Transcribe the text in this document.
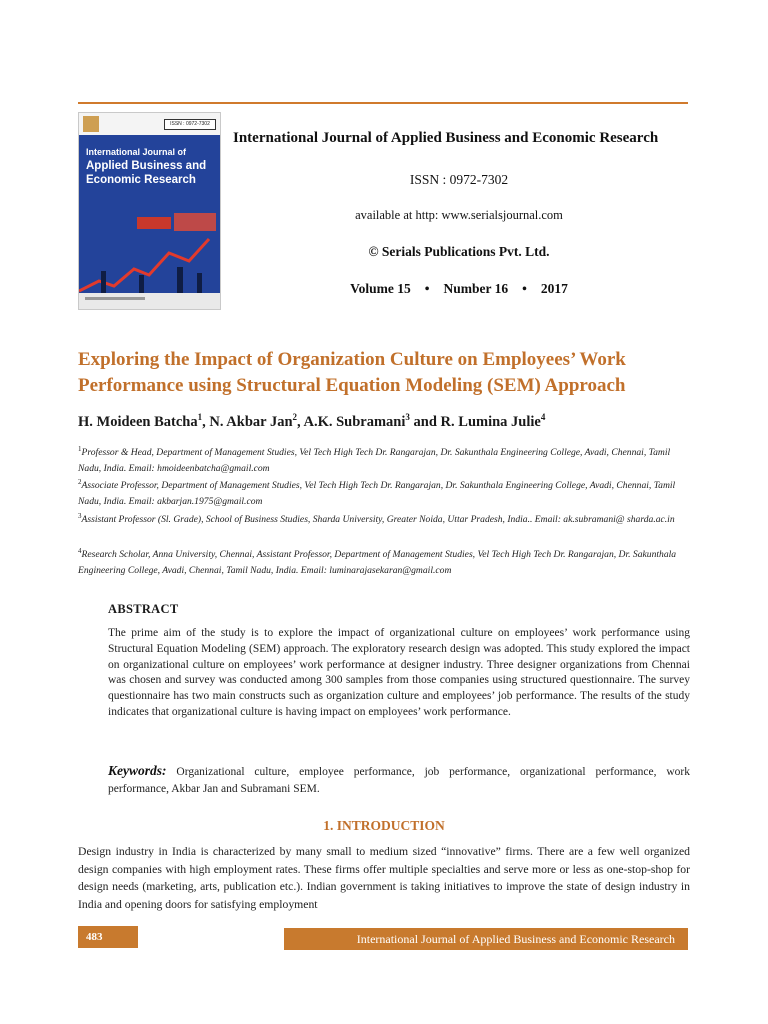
ISSN : 0972-7302
International Journal of
Applied Business and
Economic Research
International Journal of Applied Business and Economic Research
ISSN : 0972-7302
available at http: www.serialsjournal.com
© Serials Publications Pvt. Ltd.
Volume 15 • Number 16 • 2017
Exploring the Impact of Organization Culture on Employees’ Work
Performance using Structural Equation Modeling (SEM) Approach
H. Moideen Batcha$^1$, N. Akbar Jan$^2$, A.K. Subramani$^3$ and R. Lumina Julie$^4$
$^1$Professor & Head, Department of Management Studies, Vel Tech High Tech Dr. Rangarajan, Dr. Sakunthala Engineering College, Avadi, Chennai, Tamil Nadu, India. Email: hmoideenbatcha@gmail.com
$^2$Associate Professor, Department of Management Studies, Vel Tech High Tech Dr. Rangarajan, Dr. Sakunthala Engineering College, Avadi, Chennai, Tamil Nadu, India. Email: akbarjan.1975@gmail.com
$^3$Assistant Professor (Sl. Grade), School of Business Studies, Sharda University, Greater Noida, Uttar Pradesh, India.. Email: ak.subramani@ sharda.ac.in
$^4$Research Scholar, Anna University, Chennai, Assistant Professor, Department of Management Studies, Vel Tech High Tech Dr. Rangarajan, Dr. Sakunthala Engineering College, Avadi, Chennai, Tamil Nadu, India. Email: luminarajasekaran@gmail.com
ABSTRACT
The prime aim of the study is to explore the impact of organizational culture on employees’ work performance using Structural Equation Modeling (SEM) approach. The exploratory research design was adopted. This study explored the impact on organizational culture on employees’ work performance at designer industry. Three designer organizations from Chennai was chosen and survey was conducted among 300 samples from those companies using structured questionnaire. The survey questionnaire has two main constructs such as organization culture and employees’ job performance. The results of the study indicates that organizational culture is having impact on employees’ work performance.
Keywords: Organizational culture, employee performance, job performance, organizational performance, work performance, Akbar Jan and Subramani SEM.
1. INTRODUCTION
Design industry in India is characterized by many small to medium sized “innovative” firms. There are a few well organized design companies with high employment rates. These firms offer multiple specialties and serve more or less as one-stop-shop for design needs (marketing, arts, publication etc.). Indian government is taking initiatives to improve the state of design industry in India and opening doors for satisfying employment
483	International Journal of Applied Business and Economic Research
